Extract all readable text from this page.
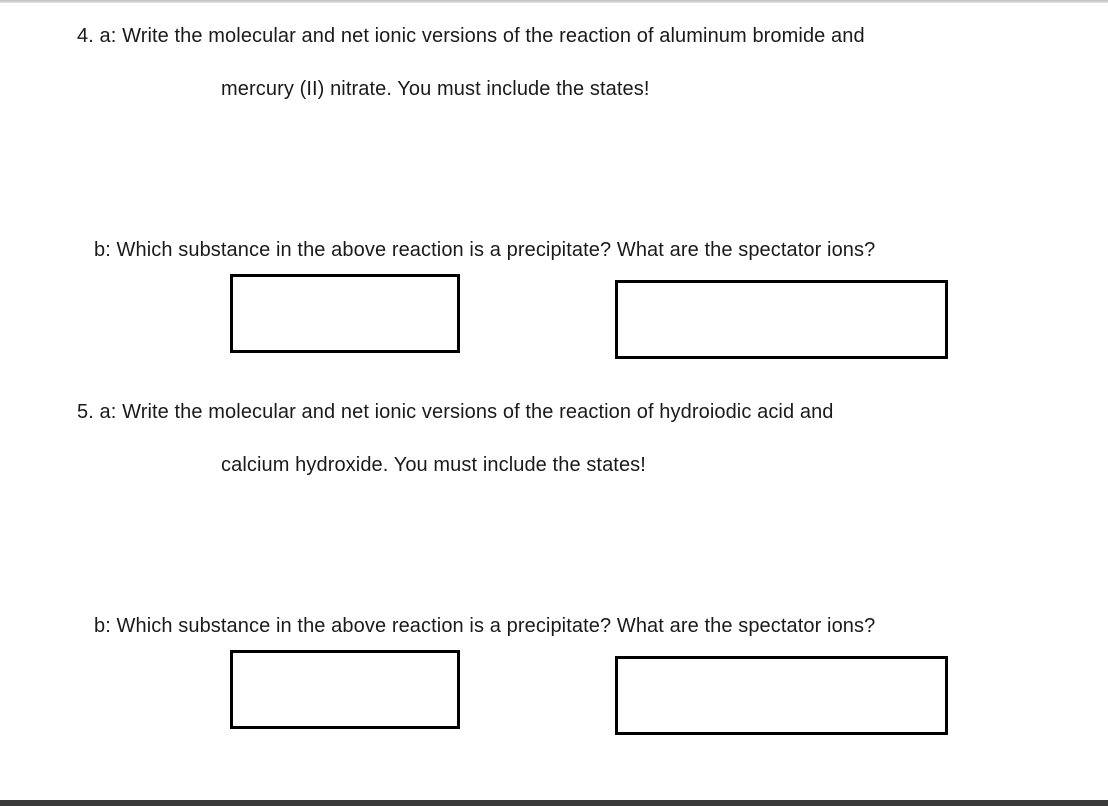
4. a: Write the molecular and net ionic versions of the reaction of aluminum bromide and
mercury (II) nitrate. You must include the states!
b: Which substance in the above reaction is a precipitate? What are the spectator ions?
5. a: Write the molecular and net ionic versions of the reaction of hydroiodic acid and
calcium hydroxide. You must include the states!
b: Which substance in the above reaction is a precipitate? What are the spectator ions?
